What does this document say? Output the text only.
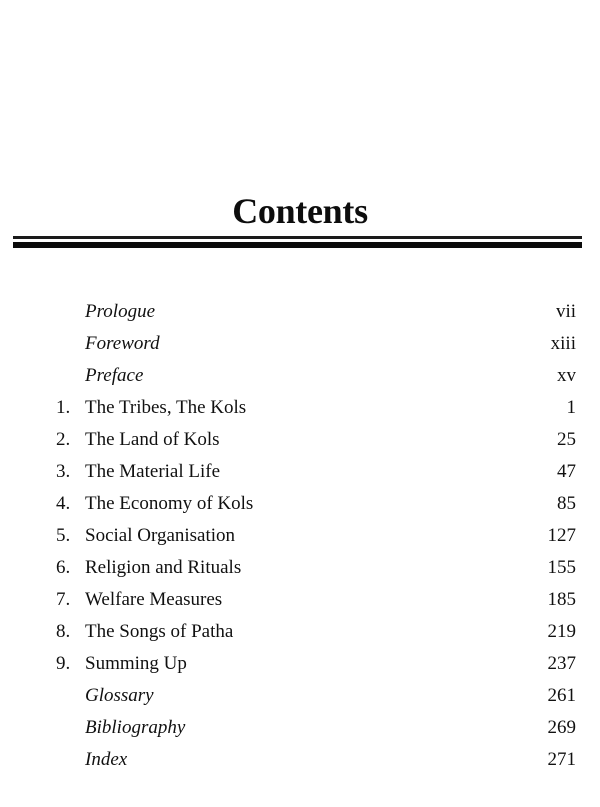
Contents
Prologue	vii
Foreword	xiii
Preface	xv
1. The Tribes, The Kols	1
2. The Land of Kols	25
3. The Material Life	47
4. The Economy of Kols	85
5. Social Organisation	127
6. Religion and Rituals	155
7. Welfare Measures	185
8. The Songs of Patha	219
9. Summing Up	237
Glossary	261
Bibliography	269
Index	271
